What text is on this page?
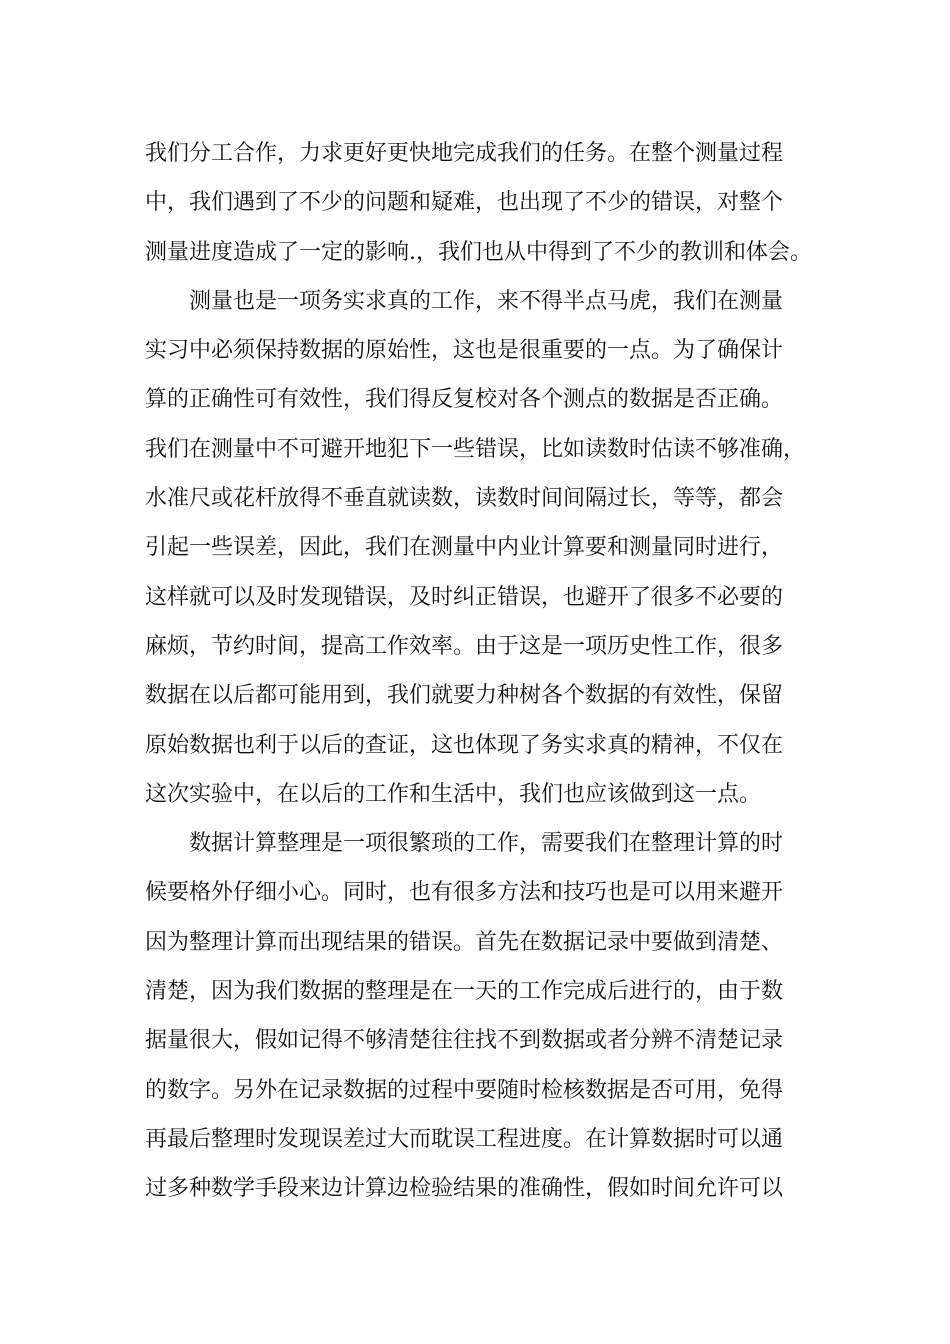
我们分工合作，力求更好更快地完成我们的任务。在整个测量过程
中，我们遇到了不少的问题和疑难，也出现了不少的错误，对整个
测量进度造成了一定的影响.，我们也从中得到了不少的教训和体会。
测量也是一项务实求真的工作，来不得半点马虎，我们在测量
实习中必须保持数据的原始性，这也是很重要的一点。为了确保计
算的正确性可有效性，我们得反复校对各个测点的数据是否正确。
我们在测量中不可避开地犯下一些错误，比如读数时估读不够准确，
水准尺或花杆放得不垂直就读数，读数时间间隔过长，等等，都会
引起一些误差，因此，我们在测量中内业计算要和测量同时进行，
这样就可以及时发现错误，及时纠正错误，也避开了很多不必要的
麻烦，节约时间，提高工作效率。由于这是一项历史性工作，很多
数据在以后都可能用到，我们就要力种树各个数据的有效性，保留
原始数据也利于以后的查证，这也体现了务实求真的精神，不仅在
这次实验中，在以后的工作和生活中，我们也应该做到这一点。
数据计算整理是一项很繁琐的工作，需要我们在整理计算的时
候要格外仔细小心。同时，也有很多方法和技巧也是可以用来避开
因为整理计算而出现结果的错误。首先在数据记录中要做到清楚、
清楚，因为我们数据的整理是在一天的工作完成后进行的，由于数
据量很大，假如记得不够清楚往往找不到数据或者分辨不清楚记录
的数字。另外在记录数据的过程中要随时检核数据是否可用，免得
再最后整理时发现误差过大而耽误工程进度。在计算数据时可以通
过多种数学手段来边计算边检验结果的准确性，假如时间允许可以
